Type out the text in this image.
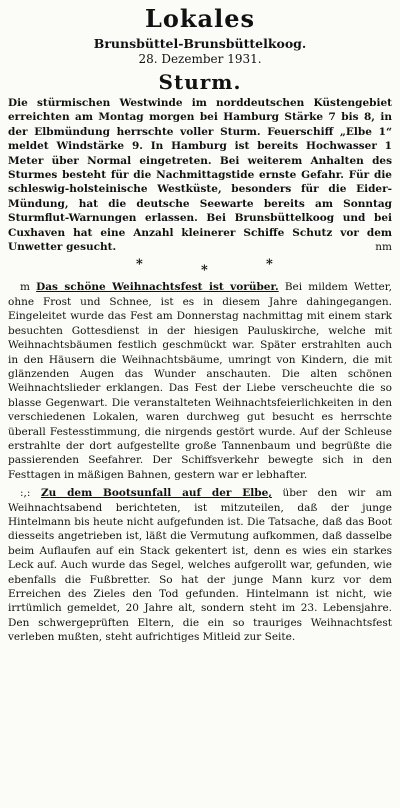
Lokales
Brunsbüttel-Brunsbüttelkoog.
28. Dezember 1931.
Sturm.
Die stürmischen Westwinde im norddeutschen Küstengebiet erreichten am Montag morgen bei Hamburg Stärke 7 bis 8, in der Elbmündung herrschte voller Sturm. Feuerschiff „Elbe 1“ meldet Windstärke 9. In Hamburg ist bereits Hochwasser 1 Meter über Normal eingetreten. Bei weiterem Anhalten des Sturmes besteht für die Nachmittagstide ernste Gefahr. Für die schleswig-holsteinische Westküste, besonders für die Eider-Mündung, hat die deutsche Seewarte bereits am Sonntag Sturmflut-Warnungen erlassen. Bei Brunsbüttelkoog und bei Cuxhaven hat eine Anzahl kleinerer Schiffe Schutz vor dem Unwetter gesucht.	nm
*	*	*
m Das schöne Weihnachtsfest ist vorüber. Bei mildem Wetter, ohne Frost und Schnee, ist es in diesem Jahre dahingegangen. Eingeleitet wurde das Fest am Donnerstag nachmittag mit einem stark besuchten Gottesdienst in der hiesigen Pauluskirche, welche mit Weihnachtsbäumen festlich geschmückt war. Später erstrahlten auch in den Häusern die Weihnachtsbäume, umringt von Kindern, die mit glänzenden Augen das Wunder anschauten. Die alten schönen Weihnachtslieder erklangen. Das Fest der Liebe verscheuchte die so blasse Gegenwart. Die veranstalteten Weihnachtsfeierlichkeiten in den verschiedenen Lokalen, waren durchweg gut besucht es herrschte überall Festesstimmung, die nirgends gestört wurde. Auf der Schleuse erstrahlte der dort aufgestellte große Tannenbaum und begrüßte die passierenden Seefahrer. Der Schiffsverkehr bewegte sich in den Festtagen in mäßigen Bahnen, gestern war er lebhafter.
:,: Zu dem Bootsunfall auf der Elbe, über den wir am Weihnachtsabend berichteten, ist mitzuteilen, daß der junge Hintelmann bis heute nicht aufgefunden ist. Die Tatsache, daß das Boot diesseits angetrieben ist, läßt die Vermutung aufkommen, daß dasselbe beim Auflaufen auf ein Stack gekentert ist, denn es wies ein starkes Leck auf. Auch wurde das Segel, welches aufgerollt war, gefunden, wie ebenfalls die Fußbretter. So hat der junge Mann kurz vor dem Erreichen des Zieles den Tod gefunden. Hintelmann ist nicht, wie irrtümlich gemeldet, 20 Jahre alt, sondern steht im 23. Lebensjahre. Den schwergeprüften Eltern, die ein so trauriges Weihnachtsfest verleben mußten, steht aufrichtiges Mitleid zur Seite.
